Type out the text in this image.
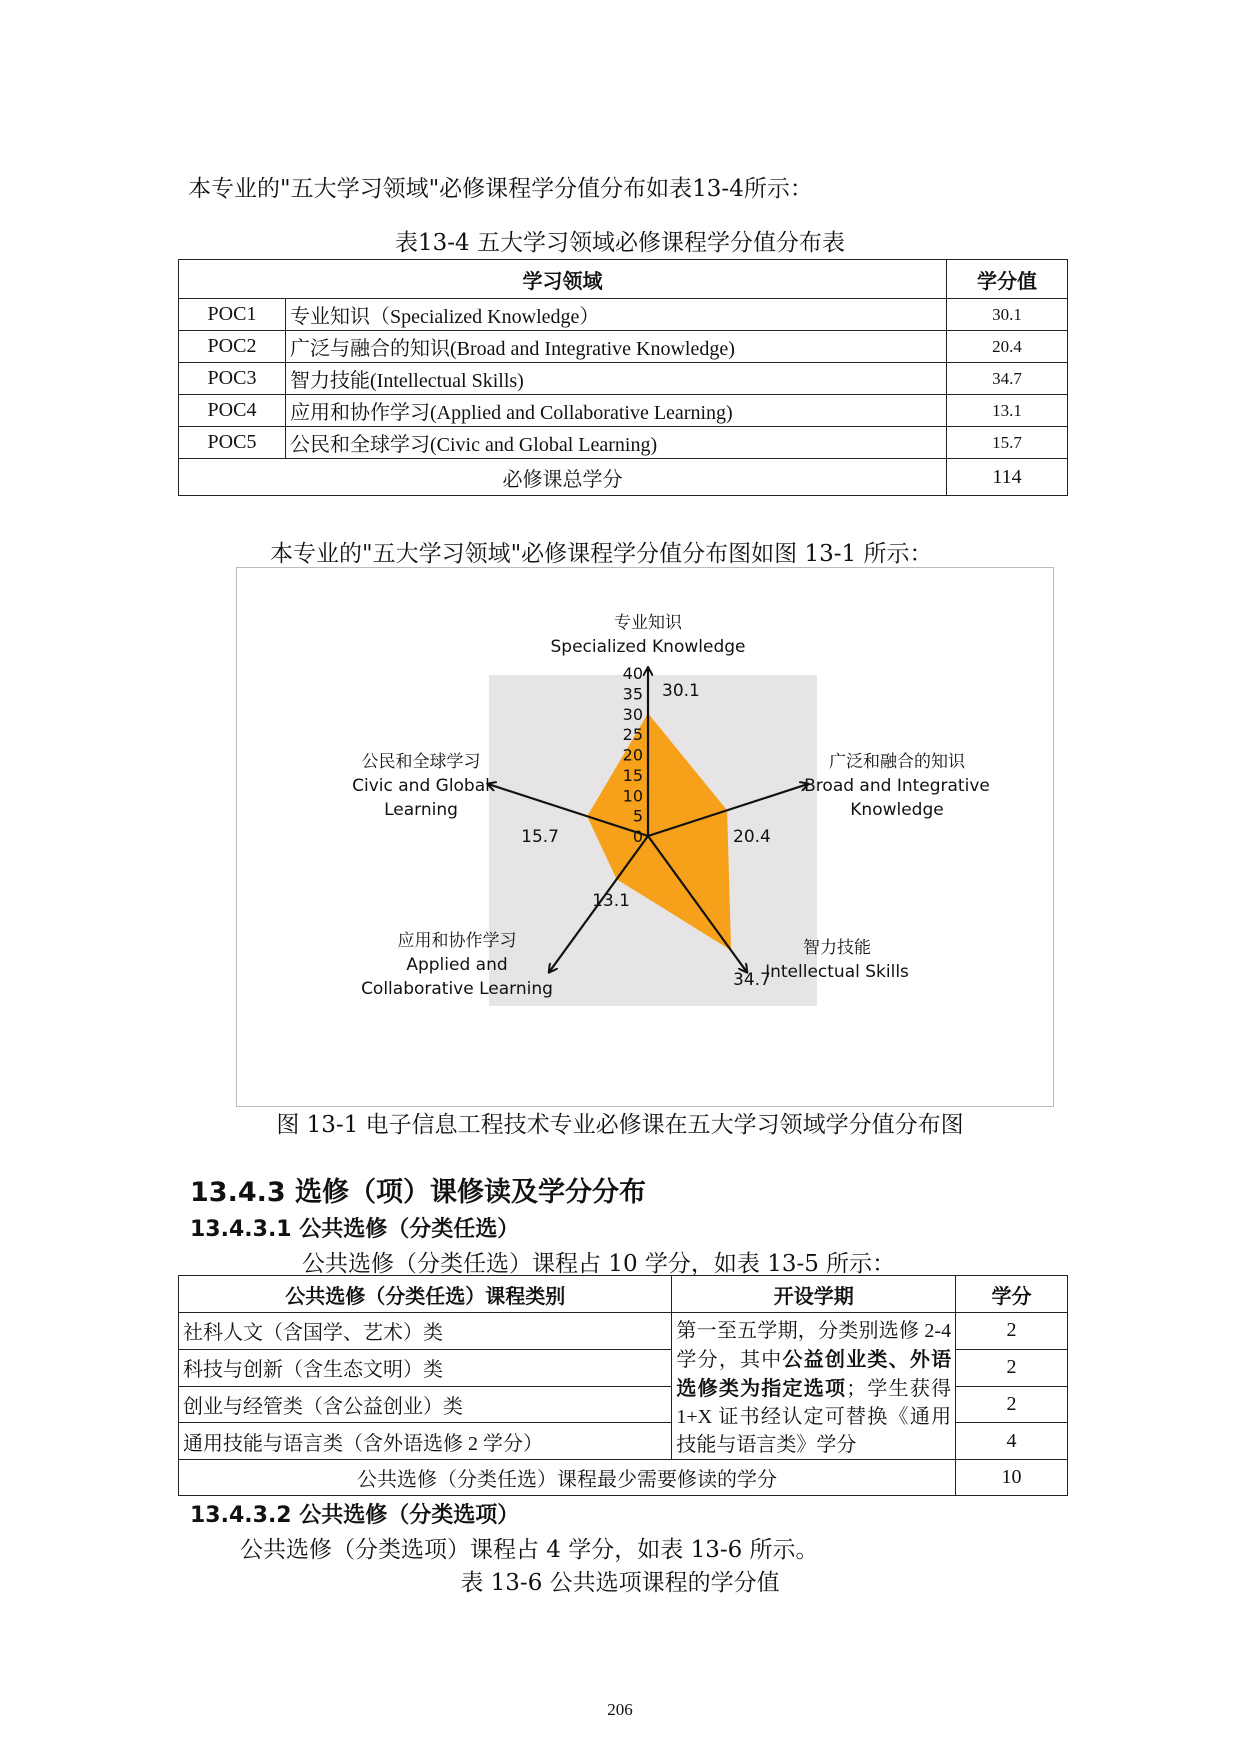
本专业的"五大学习领域"必修课程学分值分布如表13-4所示：
表13-4 五大学习领域必修课程学分值分布表
学习领域		学分值
POC1	专业知识（Specialized Knowledge）	30.1
POC2	广泛与融合的知识(Broad and Integrative Knowledge)	20.4
POC3	智力技能(Intellectual Skills)	34.7
POC4	应用和协作学习(Applied and Collaborative Learning)	13.1
POC5	公民和全球学习(Civic and Global Learning)	15.7
必修课总学分		114
本专业的"五大学习领域"必修课程学分值分布图如图 13-1 所示：
0
5
10
15
20
25
30
35
40
专业知识
Specialized Knowledge
广泛和融合的知识
Broad and Integrative
Knowledge
智力技能
Intellectual Skills
应用和协作学习
Applied and
Collaborative Learning
公民和全球学习
Civic and Global
Learning
30.1
20.4
34.7
13.1
15.7
图 13-1 电子信息工程技术专业必修课在五大学习领域学分值分布图
13.4.3 选修（项）课修读及学分分布
13.4.3.1 公共选修（分类任选）
公共选修（分类任选）课程占 10 学分，如表 13-5 所示：
公共选修（分类任选）课程类别	开设学期	学分
社科人文（含国学、艺术）类	第一至五学期，分类别选修 2-4 学分，其中公益创业类、外语选修类为指定选项；学生获得 1+X 证书经认定可替换《通用技能与语言类》学分	2
科技与创新（含生态文明）类		2
创业与经管类（含公益创业）类		2
通用技能与语言类（含外语选修 2 学分）		4
公共选修（分类任选）课程最少需要修读的学分		10
13.4.3.2 公共选修（分类选项）
公共选修（分类选项）课程占 4 学分，如表 13-6 所示。
表 13-6 公共选项课程的学分值
206
